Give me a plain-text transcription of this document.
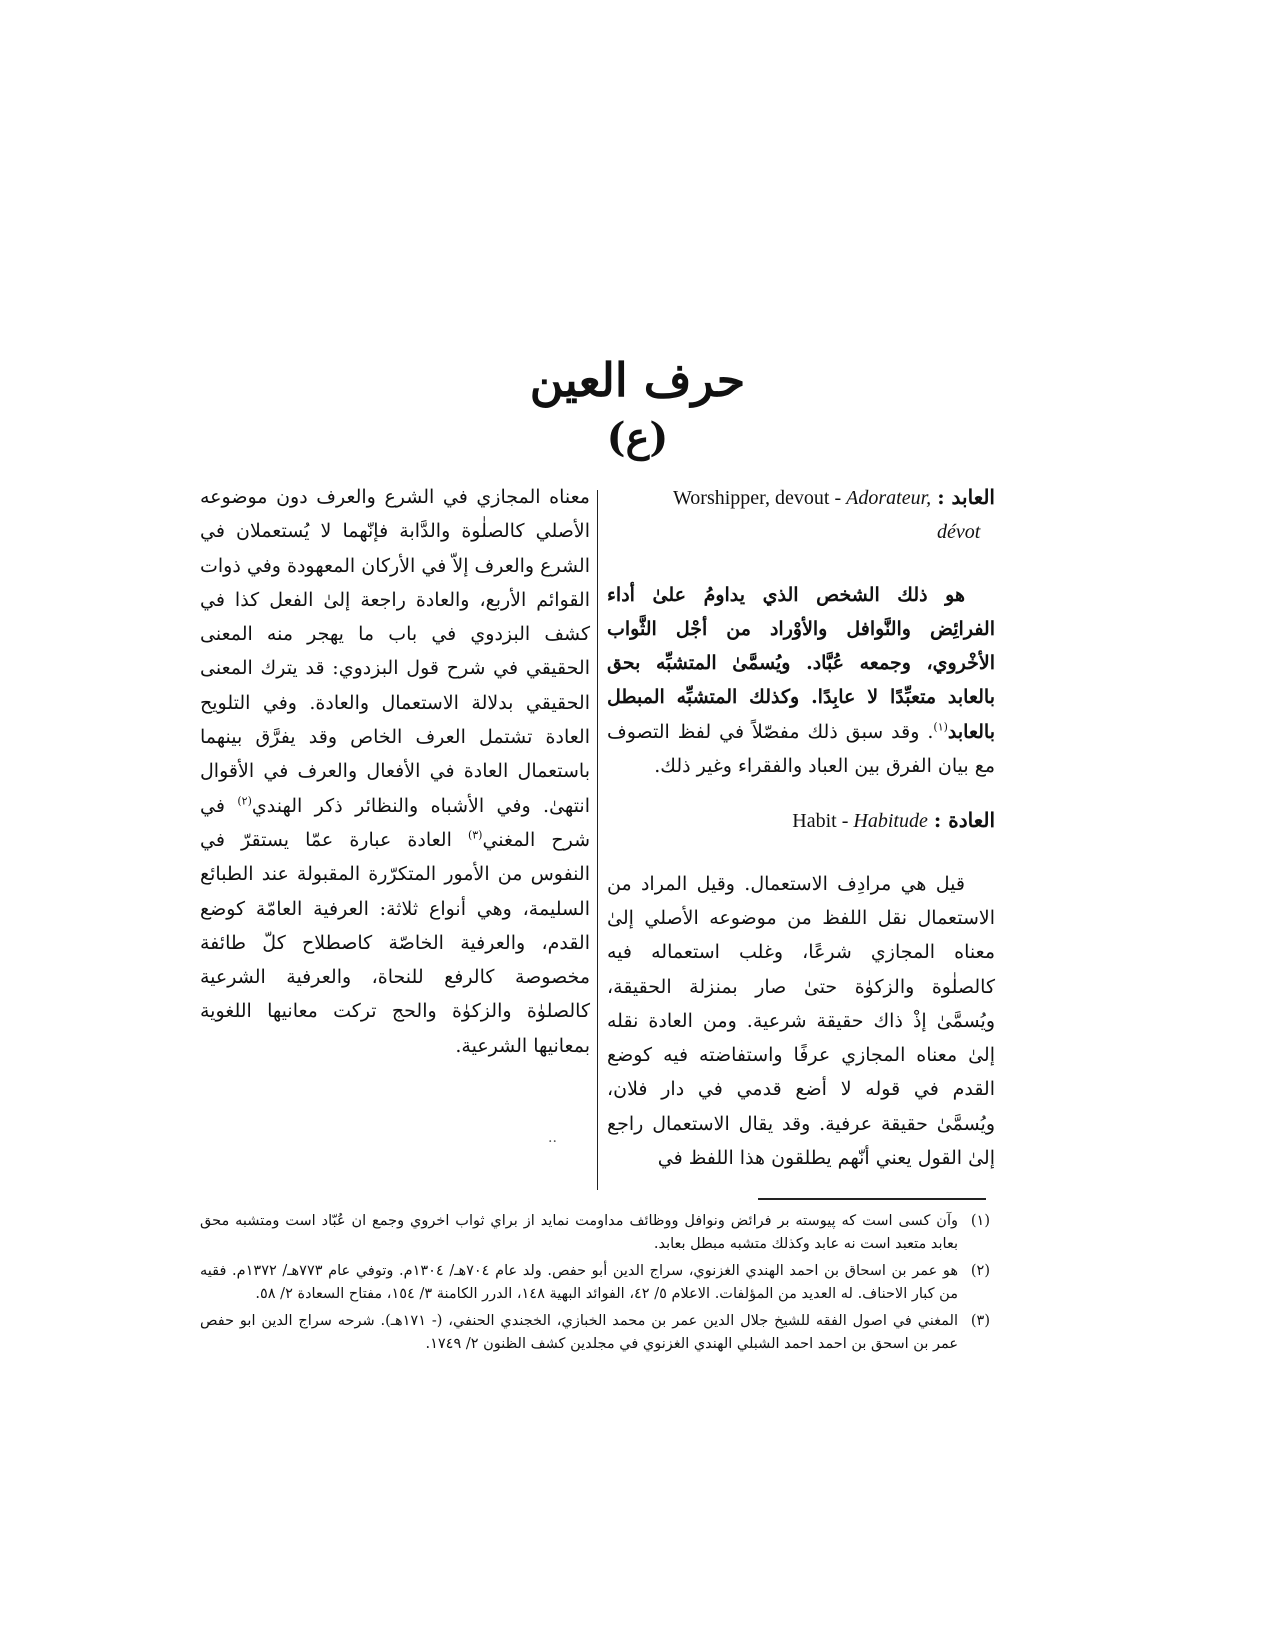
حرف العين
(ع)
العابد : Worshipper, devout - Adorateur,
dévot

هو ذلك الشخص الذي يداومُ علىٰ أداء الفرائِض والنَّوافل والأوْراد من أجْل الثَّواب الأخْروي، وجمعه عُبَّاد. ويُسمَّىٰ المتشبِّه بحق بالعابد متعبِّدًا لا عابِدًا. وكذلك المتشبِّه المبطل بالعابد$^{(١)}$. وقد سبق ذلك مفصّلاً في لفظ التصوف مع بيان الفرق بين العباد والفقراء وغير ذلك.

العادة : Habit - Habitude

قيل هي مرادِف الاستعمال. وقيل المراد من الاستعمال نقل اللفظ من موضوعه الأصلي إلىٰ معناه المجازي شرعًا، وغلب استعماله فيه كالصلٰوة والزكوٰة حتىٰ صار بمنزلة الحقيقة، ويُسمَّىٰ إذْ ذاك حقيقة شرعية. ومن العادة نقله إلىٰ معناه المجازي عرفًا واستفاضته فيه كوضع القدم في قوله لا أضع قدمي في دار فلان، ويُسمَّىٰ حقيقة عرفية. وقد يقال الاستعمال راجع إلىٰ القول يعني أنّهم يطلقون هذا اللفظ في

معناه المجازي في الشرع والعرف دون موضوعه الأصلي كالصلٰوة والدَّابة فإنّهما لا يُستعملان في الشرع والعرف إلاّ في الأركان المعهودة وفي ذوات القوائم الأربع، والعادة راجعة إلىٰ الفعل كذا في كشف البزدوي في باب ما يهجر منه المعنى الحقيقي في شرح قول البزدوي: قد يترك المعنى الحقيقي بدلالة الاستعمال والعادة. وفي التلويح العادة تشتمل العرف الخاص وقد يفرَّق بينهما باستعمال العادة في الأفعال والعرف في الأقوال انتهىٰ. وفي الأشباه والنظائر ذكر الهندي$^{(٢)}$ في شرح المغني$^{(٣)}$ العادة عبارة عمّا يستقرّ في النفوس من الأمور المتكرّرة المقبولة عند الطبائع السليمة، وهي أنواع ثلاثة: العرفية العامّة كوضع القدم، والعرفية الخاصّة كاصطلاح كلّ طائفة مخصوصة كالرفع للنحاة، والعرفية الشرعية كالصلوٰة والزكوٰة والحج تركت معانيها اللغوية بمعانيها الشرعية.

..
(١)
وآن كسى است كه پيوسته بر فرائض ونوافل ووظائف مداومت نمايد از براي ثواب اخروي وجمع ان عُبّاد است ومتشبه محق بعابد متعبد است نه عابد وكذلك متشبه مبطل بعابد.
(٢)
هو عمر بن اسحاق بن احمد الهندي الغزنوي، سراج الدين أبو حفص. ولد عام ٧٠٤هـ/ ١٣٠٤م. وتوفي عام ٧٧٣هـ/ ١٣٧٢م. فقيه من كبار الاحناف. له العديد من المؤلفات. الاعلام ٥/ ٤٢، الفوائد البهية ١٤٨، الدرر الكامنة ٣/ ١٥٤، مفتاح السعادة ٢/ ٥٨.
(٣)
المغني في اصول الفقه للشيخ جلال الدين عمر بن محمد الخبازي، الخجندي الحنفي، (- ١٧١هـ). شرحه سراج الدين ابو حفص عمر بن اسحق بن احمد احمد الشبلي الهندي الغزنوي في مجلدين كشف الظنون ٢/ ١٧٤٩.
